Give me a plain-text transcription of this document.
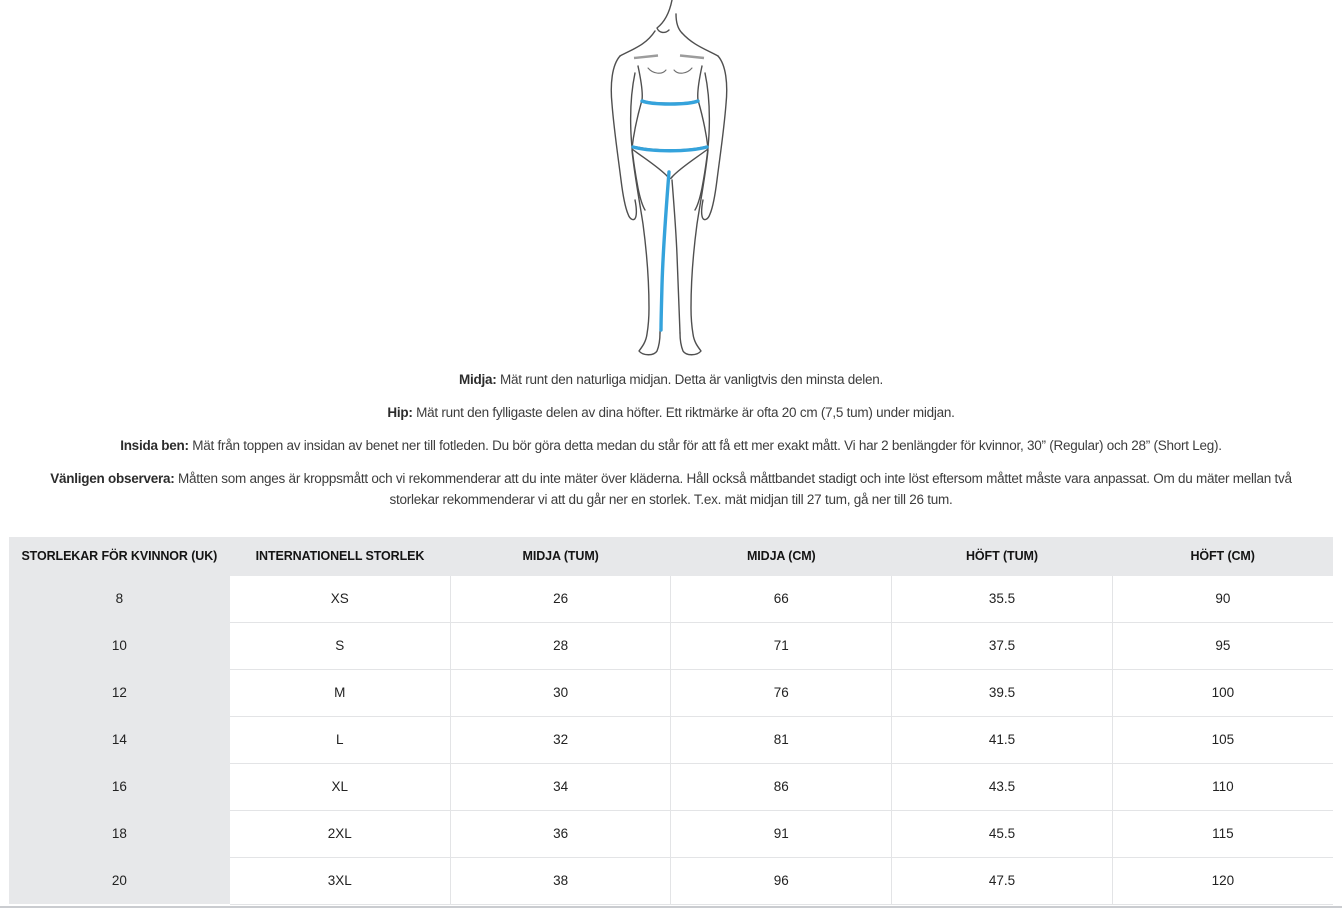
Midja: Mät runt den naturliga midjan. Detta är vanligtvis den minsta delen.

Hip: Mät runt den fylligaste delen av dina höfter. Ett riktmärke är ofta 20 cm (7,5 tum) under midjan.

Insida ben: Mät från toppen av insidan av benet ner till fotleden. Du bör göra detta medan du står för att få ett mer exakt mått. Vi har 2 benlängder för kvinnor, 30” (Regular) och 28” (Short Leg).

Vänligen observera: Måtten som anges är kroppsmått och vi rekommenderar att du inte mäter över kläderna. Håll också måttbandet stadigt och inte löst eftersom måttet måste vara anpassat. Om du mäter mellan två storlekar rekommenderar vi att du går ner en storlek. T.ex. mät midjan till 27 tum, gå ner till 26 tum.

STORLEKAR FÖR KVINNOR (UK)	INTERNATIONELL STORLEK	MIDJA (TUM)	MIDJA (CM)	HÖFT (TUM)	HÖFT (CM)
8	XS	26	66	35.5	90
10	S	28	71	37.5	95
12	M	30	76	39.5	100
14	L	32	81	41.5	105
16	XL	34	86	43.5	110
18	2XL	36	91	45.5	115
20	3XL	38	96	47.5	120
